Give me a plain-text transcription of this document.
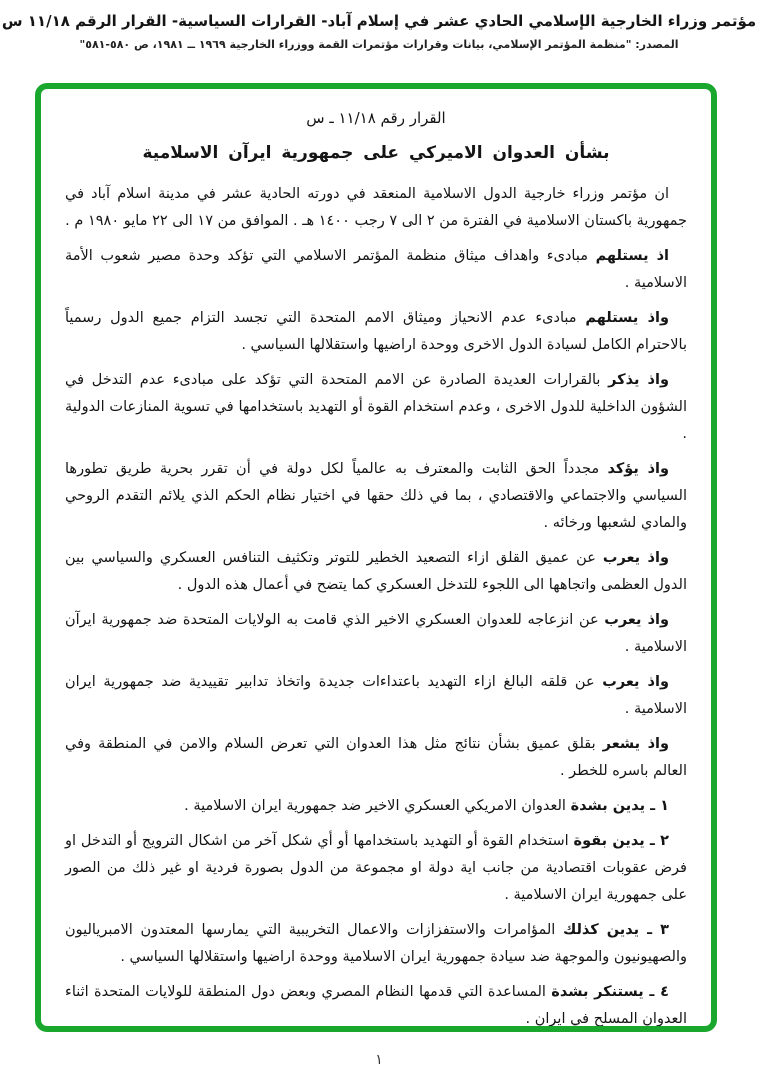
مؤتمر وزراء الخارجية الإسلامي الحادي عشر في إسلام آباد- القرارات السياسية- القرار الرقم ١١/١٨ س
المصدر: "منظمة المؤتمر الإسلامي، بيانات وقرارات مؤتمرات القمة ووزراء الخارجية ١٩٦٩ ــ ١٩٨١، ص ٥٨٠-٥٨١"
القرار رقم ١١/١٨ ـ س
بشأن العدوان الاميركي على جمهورية ايرآن الاسلامية

ان مؤتمر وزراء خارجية الدول الاسلامية المنعقد في دورته الحادية عشر في مدينة اسلام آباد في جمهورية باكستان الاسلامية في الفترة من ٢ الى ٧ رجب ١٤٠٠ هـ . الموافق من ١٧ الى ٢٢ مايو ١٩٨٠ م .

اذ يستلهم مبادىء واهداف ميثاق منظمة المؤتمر الاسلامي التي تؤكد وحدة مصير شعوب الأمة الاسلامية .

واذ يستلهم مبادىء عدم الانحياز وميثاق الامم المتحدة التي تجسد التزام جميع الدول رسمياً بالاحترام الكامل لسيادة الدول الاخرى ووحدة اراضيها واستقلالها السياسي .

واذ يذكر بالقرارات العديدة الصادرة عن الامم المتحدة التي تؤكد على مبادىء عدم التدخل في الشؤون الداخلية للدول الاخرى ، وعدم استخدام القوة أو التهديد باستخدامها في تسوية المنازعات الدولية .

واذ يؤكد مجدداً الحق الثابت والمعترف به عالمياً لكل دولة في أن تقرر بحرية طريق تطورها السياسي والاجتماعي والاقتصادي ، بما في ذلك حقها في اختيار نظام الحكم الذي يلائم التقدم الروحي والمادي لشعبها ورخائه .

واذ يعرب عن عميق القلق ازاء التصعيد الخطير للتوتر وتكثيف التنافس العسكري والسياسي بين الدول العظمى واتجاهها الى اللجوء للتدخل العسكري كما يتضح في أعمال هذه الدول .

واذ يعرب عن انزعاجه للعدوان العسكري الاخير الذي قامت به الولايات المتحدة ضد جمهورية ايرآن الاسلامية .

واذ يعرب عن قلقه البالغ ازاء التهديد باعتداءات جديدة واتخاذ تدابير تقييدية ضد جمهورية ايران الاسلامية .

واذ يشعر بقلق عميق بشأن نتائج مثل هذا العدوان التي تعرض السلام والامن في المنطقة وفي العالم باسره للخطر .

١ ـ يدين بشدة العدوان الامريكي العسكري الاخير ضد جمهورية ايران الاسلامية .

٢ ـ يدين بقوة استخدام القوة أو التهديد باستخدامها أو أي شكل آخر من اشكال الترويج أو التدخل او فرض عقوبات اقتصادية من جانب اية دولة او مجموعة من الدول بصورة فردية او غير ذلك من الصور على جمهورية ايران الاسلامية .

٣ ـ يدين كذلك المؤامرات والاستفزازات والاعمال التخريبية التي يمارسها المعتدون الامبرياليون والصهيونيون والموجهة ضد سيادة جمهورية ايران الاسلامية ووحدة اراضيها واستقلالها السياسي .

٤ ـ يستنكر بشدة المساعدة التي قدمها النظام المصري وبعض دول المنطقة للولايات المتحدة اثناء العدوان المسلح في ايران .

١
